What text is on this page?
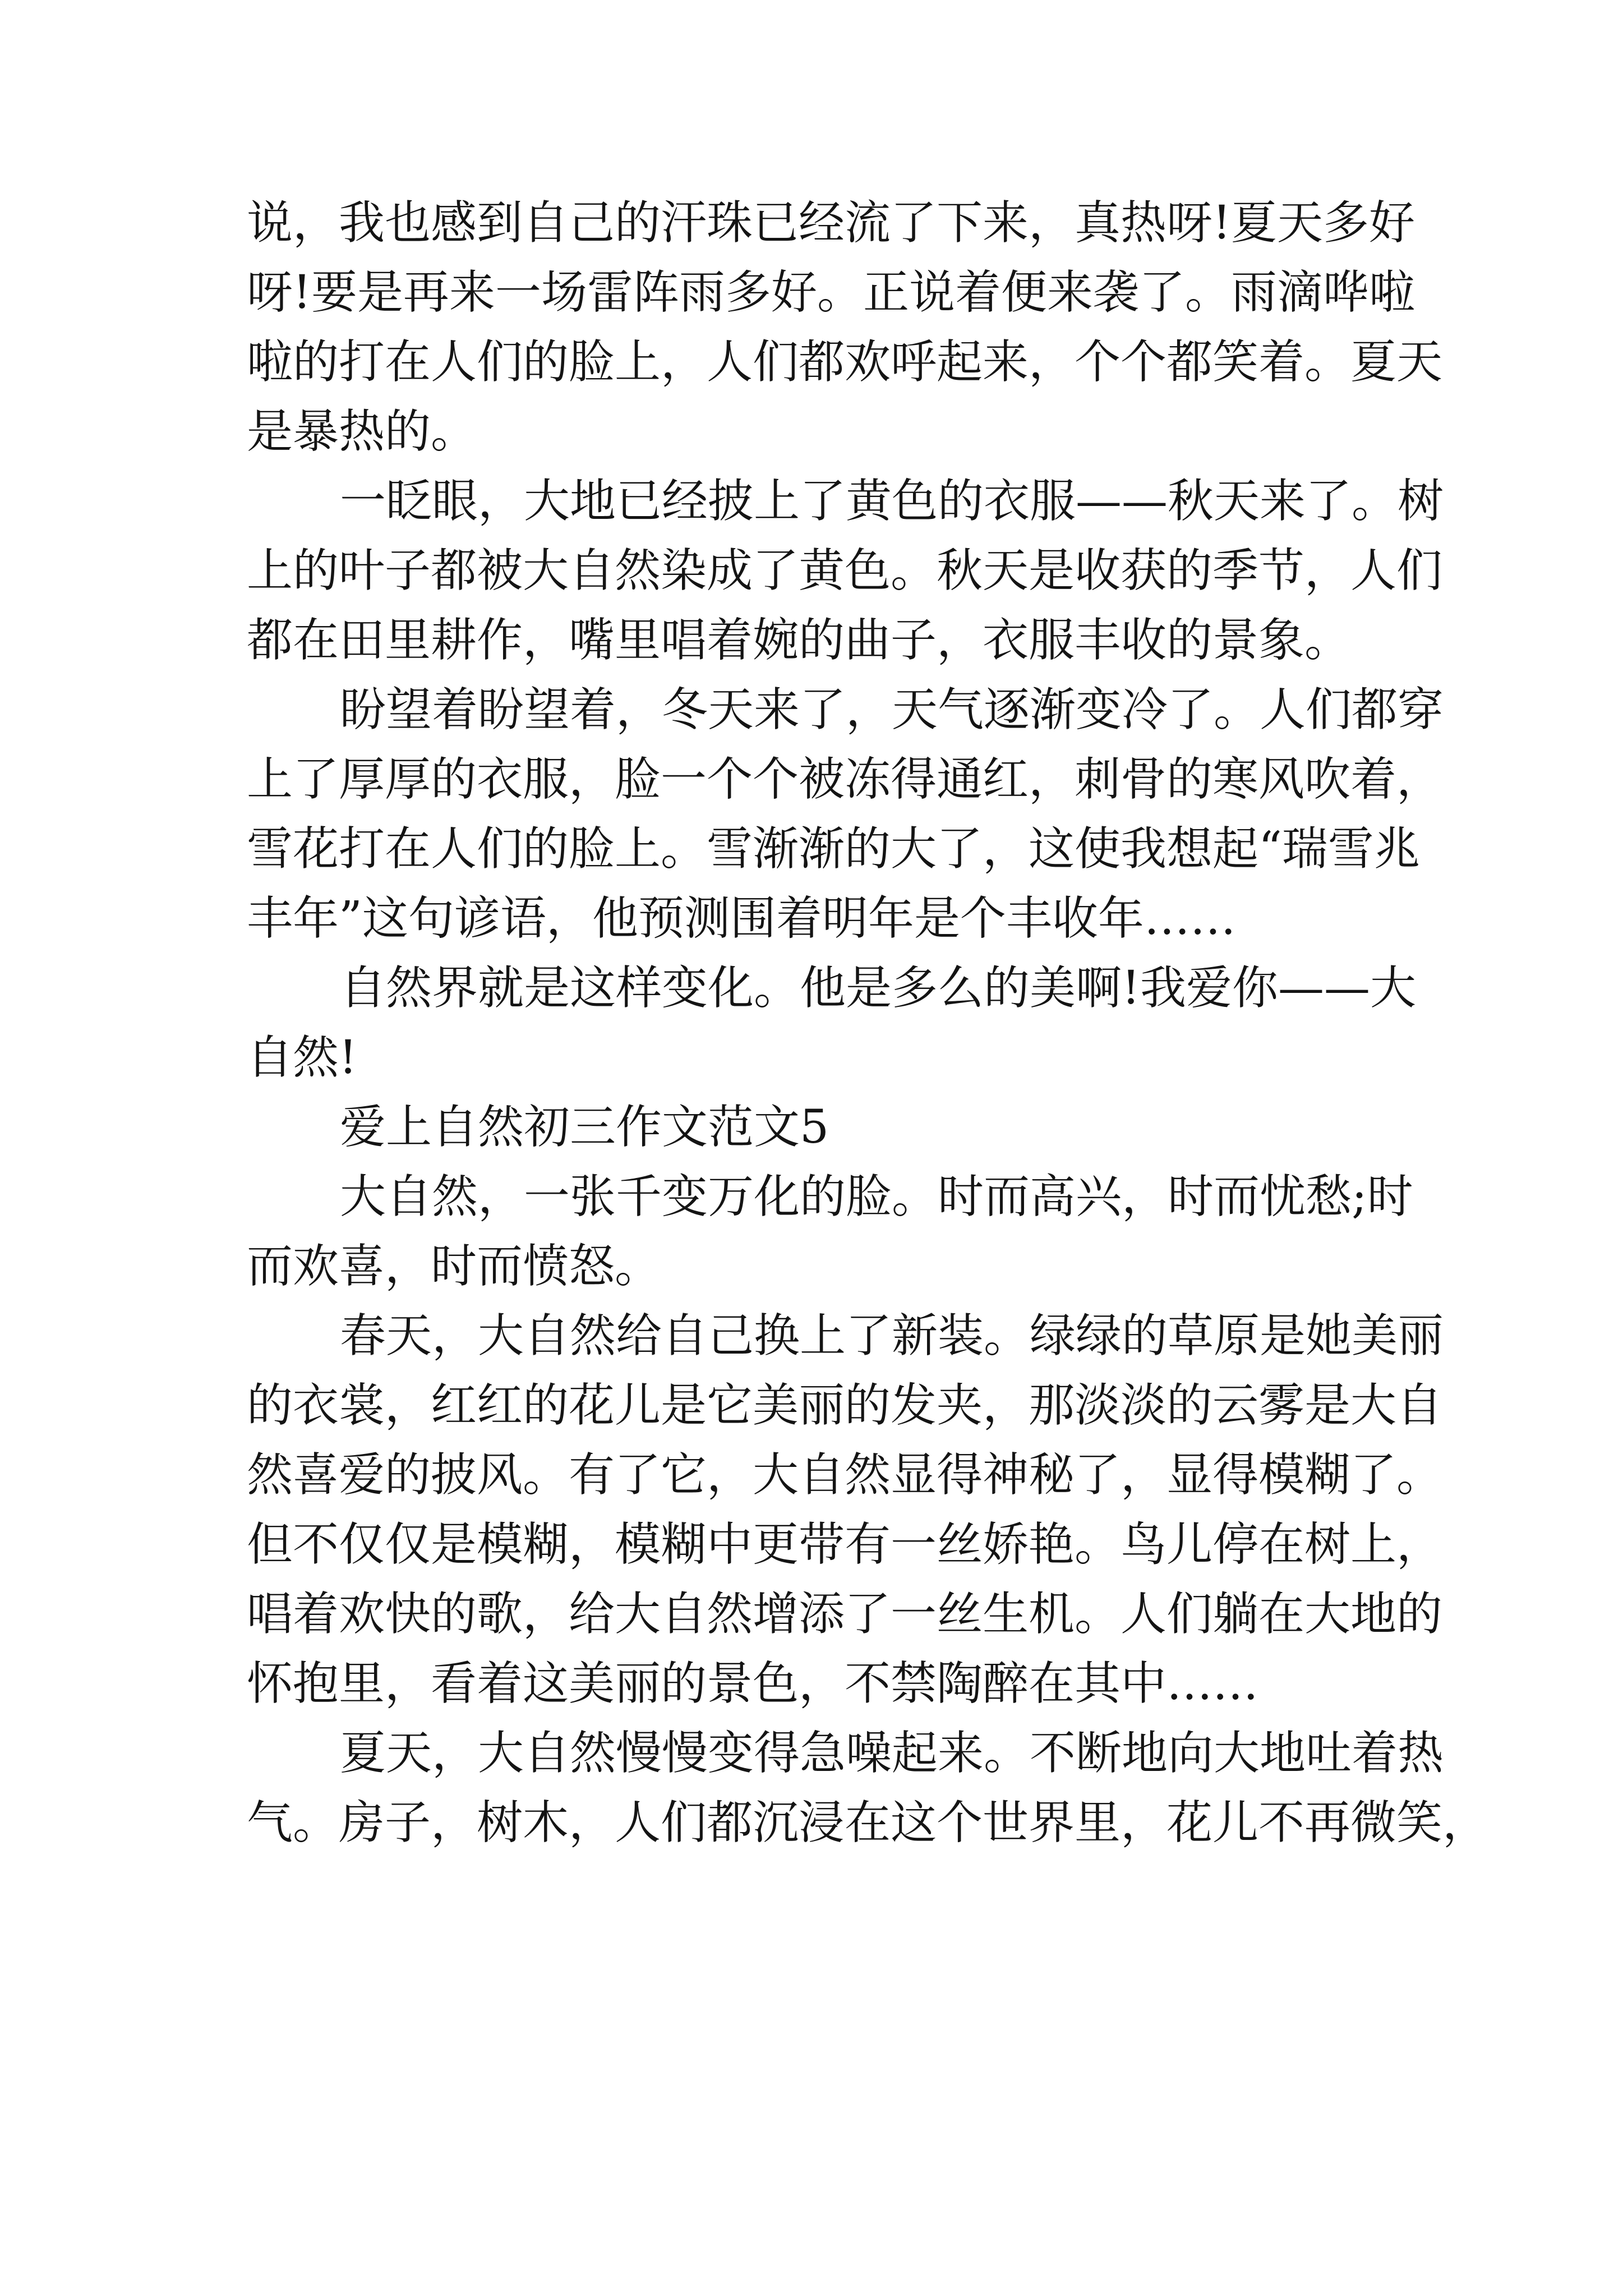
说，我也感到自己的汗珠已经流了下来，真热呀!夏天多好
呀!要是再来一场雷阵雨多好。正说着便来袭了。雨滴哗啦
啦的打在人们的脸上，人们都欢呼起来，个个都笑着。夏天
是暴热的。
一眨眼，大地已经披上了黄色的衣服——秋天来了。树
上的叶子都被大自然染成了黄色。秋天是收获的季节，人们
都在田里耕作，嘴里唱着婉的曲子，衣服丰收的景象。
盼望着盼望着，冬天来了，天气逐渐变冷了。人们都穿
上了厚厚的衣服，脸一个个被冻得通红，刺骨的寒风吹着，
雪花打在人们的脸上。雪渐渐的大了，这使我想起“瑞雪兆
丰年”这句谚语，他预测围着明年是个丰收年……
自然界就是这样变化。他是多么的美啊!我爱你——大
自然!
爱上自然初三作文范文5
大自然，一张千变万化的脸。时而高兴，时而忧愁;时
而欢喜，时而愤怒。
春天，大自然给自己换上了新装。绿绿的草原是她美丽
的衣裳，红红的花儿是它美丽的发夹，那淡淡的云雾是大自
然喜爱的披风。有了它，大自然显得神秘了，显得模糊了。
但不仅仅是模糊，模糊中更带有一丝娇艳。鸟儿停在树上，
唱着欢快的歌，给大自然增添了一丝生机。人们躺在大地的
怀抱里，看着这美丽的景色，不禁陶醉在其中……
夏天，大自然慢慢变得急噪起来。不断地向大地吐着热
气。房子，树木，人们都沉浸在这个世界里，花儿不再微笑，
